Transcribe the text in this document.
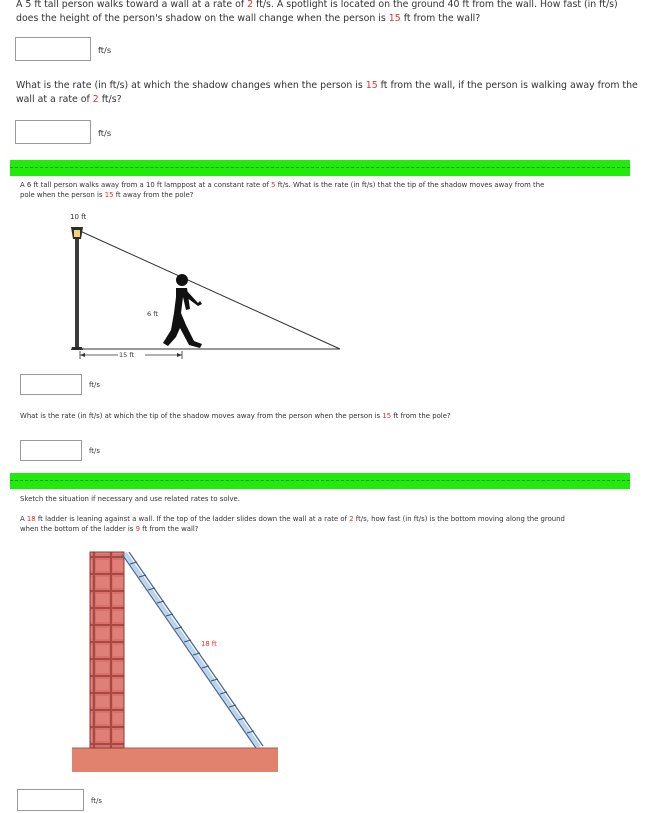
A 5 ft tall person walks toward a wall at a rate of 2 ft/s. A spotlight is located on the ground 40 ft from the wall. How fast (in ft/s) does the height of the person's shadow on the wall change when the person is 15 ft from the wall?
ft/s
What is the rate (in ft/s) at which the shadow changes when the person is 15 ft from the wall, if the person is walking away from the wall at a rate of 2 ft/s?
ft/s
A 6 ft tall person walks away from a 10 ft lamppost at a constant rate of 5 ft/s. What is the rate (in ft/s) that the tip of the shadow moves away from the pole when the person is 15 ft away from the pole?
10 ft
6 ft
15 ft
ft/s
What is the rate (in ft/s) at which the tip of the shadow moves away from the person when the person is 15 ft from the pole?
ft/s
Sketch the situation if necessary and use related rates to solve.
A 18 ft ladder is leaning against a wall. If the top of the ladder slides down the wall at a rate of 2 ft/s, how fast (in ft/s) is the bottom moving along the ground when the bottom of the ladder is 9 ft from the wall?
18 ft
ft/s
